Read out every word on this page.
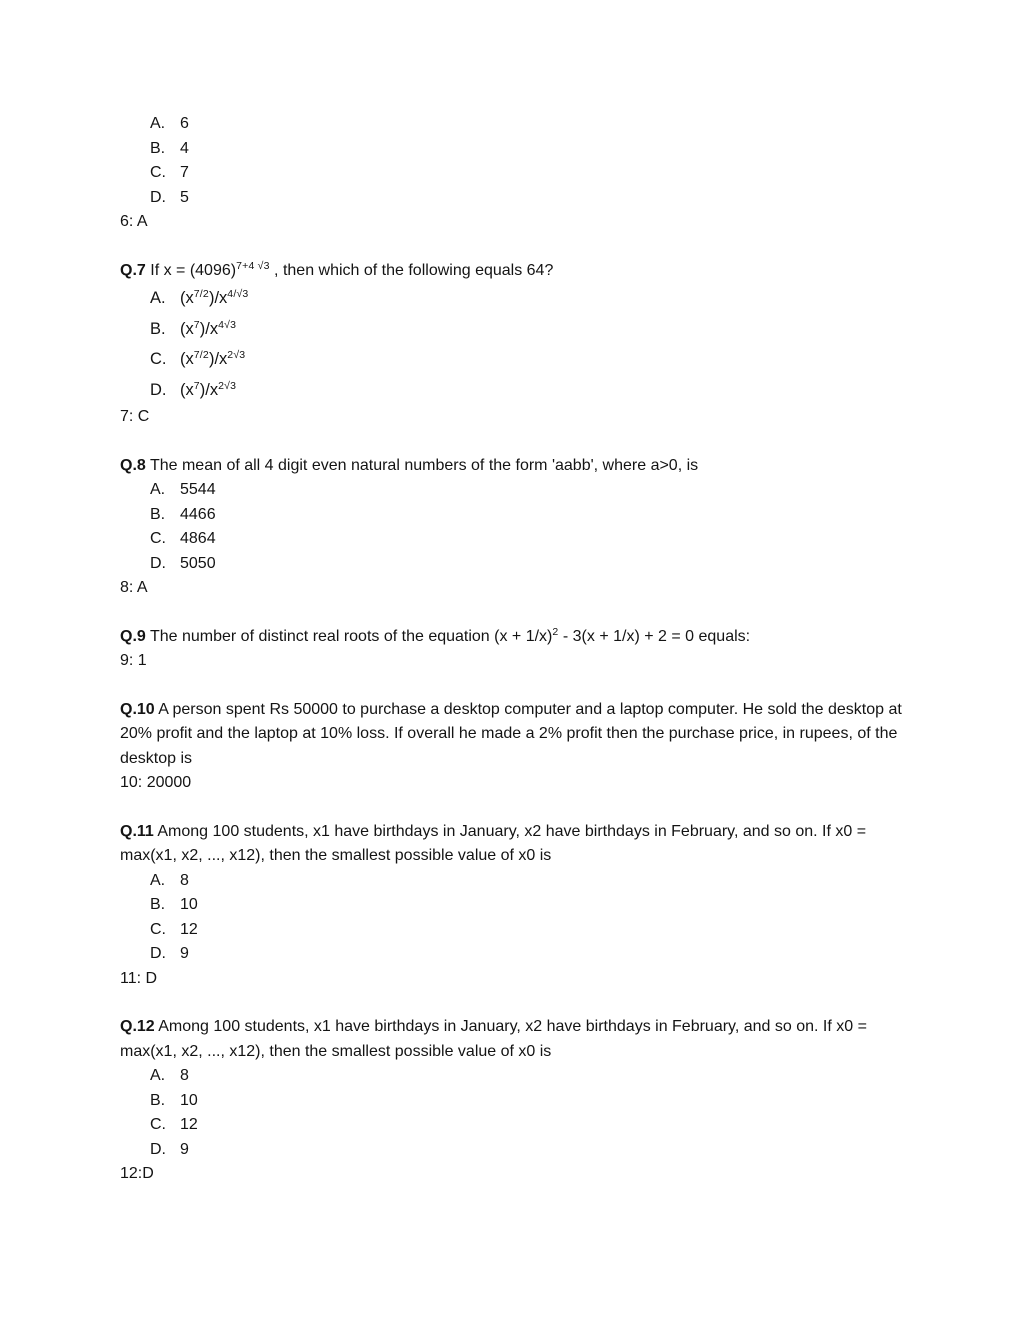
A. 6
B. 4
C. 7
D. 5

6: A

Q.7 If $x = (4096)^{7+4 √3}$ , then which of the following equals 64?

A. $(x^{7/2})/x^{4/√3}$
B. $(x^7)/x^{4√3}$
C. $(x^{7/2})/x^{2√3}$
D. $(x^7)/x^{2√3}$

7: C

Q.8 The mean of all 4 digit even natural numbers of the form 'aabb', where a>0, is

A. 5544
B. 4466
C. 4864
D. 5050

8: A

Q.9 The number of distinct real roots of the equation $(x + 1/x)^2 - 3(x + 1/x) + 2 = 0$ equals:

9: 1

Q.10 A person spent Rs 50000 to purchase a desktop computer and a laptop computer. He sold the desktop at 20% profit and the laptop at 10% loss. If overall he made a 2% profit then the purchase price, in rupees, of the desktop is

10: 20000

Q.11 Among 100 students, x1 have birthdays in January, x2 have birthdays in February, and so on. If x0 = max(x1, x2, ..., x12), then the smallest possible value of x0 is

A. 8
B. 10
C. 12
D. 9

11: D

Q.12 Among 100 students, x1 have birthdays in January, x2 have birthdays in February, and so on. If x0 = max(x1, x2, ..., x12), then the smallest possible value of x0 is

A. 8
B. 10
C. 12
D. 9

12:D
